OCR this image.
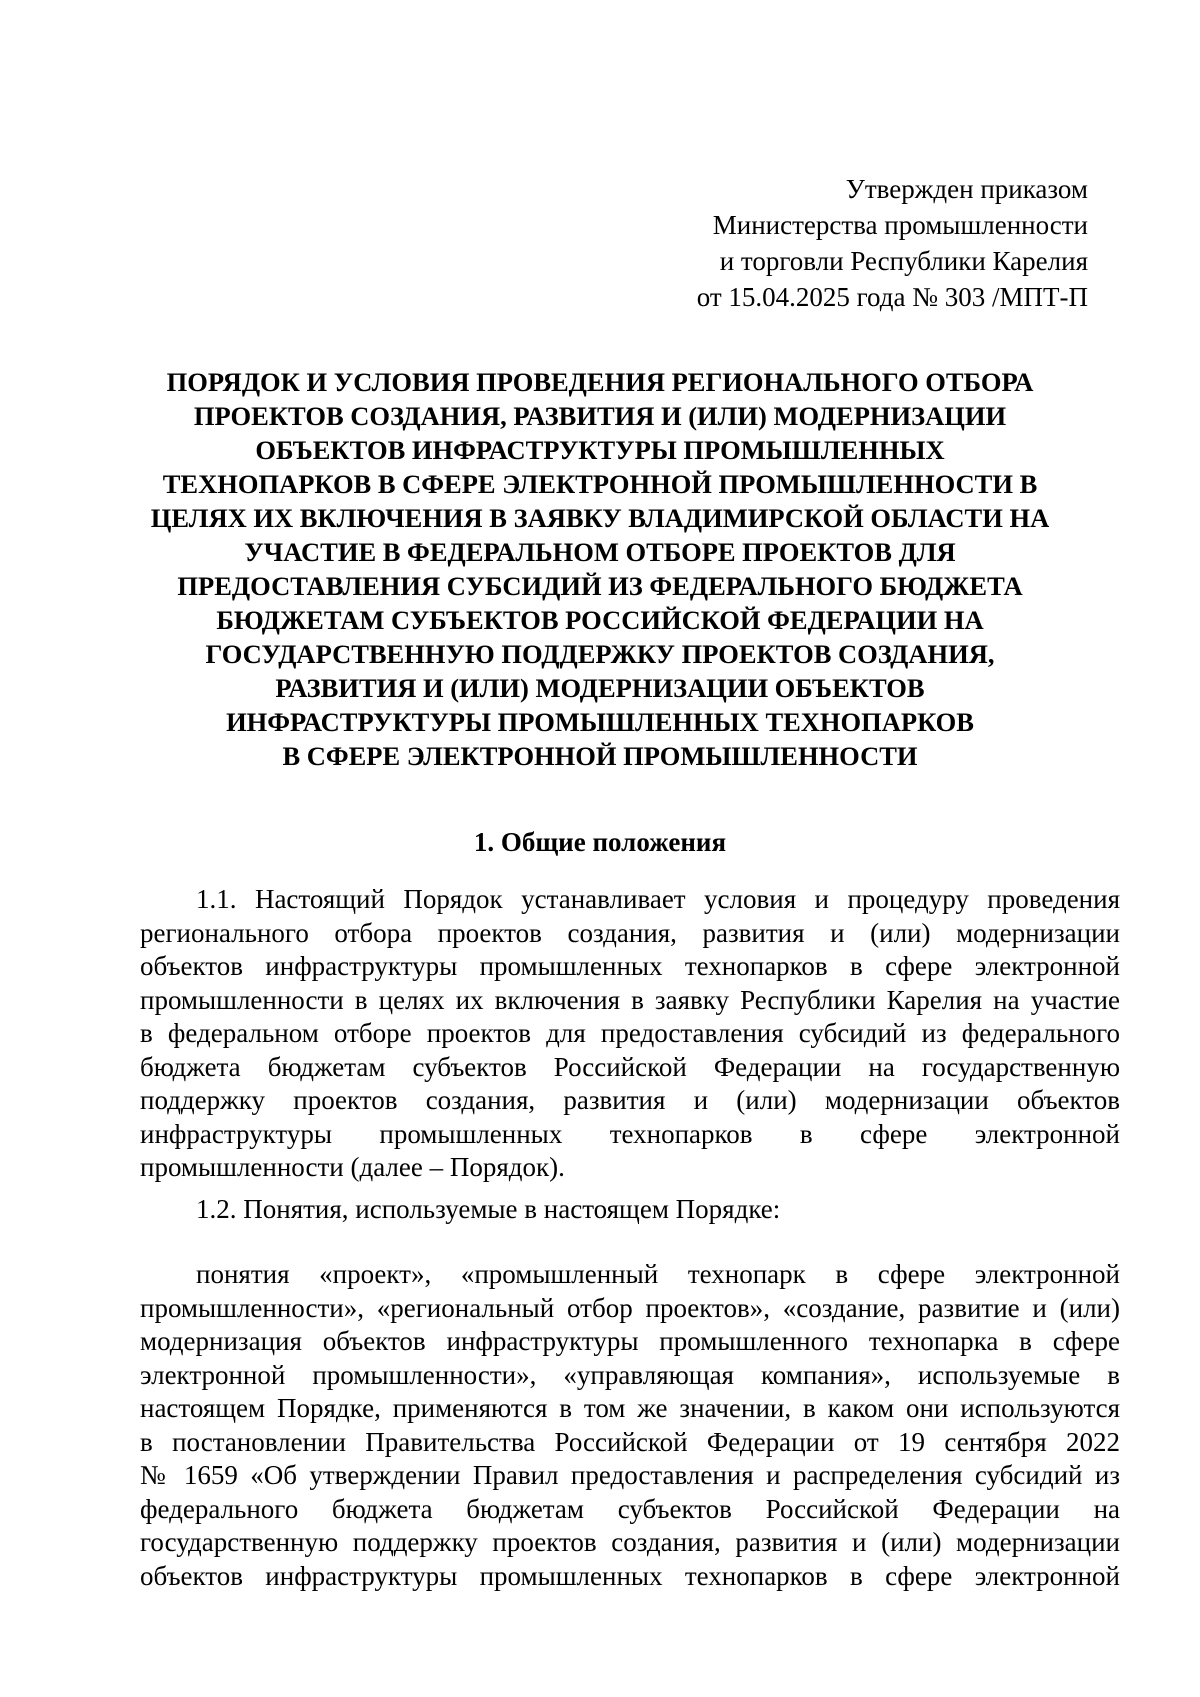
Утвержден приказом
Министерства промышленности
и торговли Республики Карелия
от 15.04.2025 года № 303 /МПТ-П
ПОРЯДОК И УСЛОВИЯ ПРОВЕДЕНИЯ РЕГИОНАЛЬНОГО ОТБОРА
ПРОЕКТОВ СОЗДАНИЯ, РАЗВИТИЯ И (ИЛИ) МОДЕРНИЗАЦИИ
ОБЪЕКТОВ ИНФРАСТРУКТУРЫ ПРОМЫШЛЕННЫХ
ТЕХНОПАРКОВ В СФЕРЕ ЭЛЕКТРОННОЙ ПРОМЫШЛЕННОСТИ В
ЦЕЛЯХ ИХ ВКЛЮЧЕНИЯ В ЗАЯВКУ ВЛАДИМИРСКОЙ ОБЛАСТИ НА
УЧАСТИЕ В ФЕДЕРАЛЬНОМ ОТБОРЕ ПРОЕКТОВ ДЛЯ
ПРЕДОСТАВЛЕНИЯ СУБСИДИЙ ИЗ ФЕДЕРАЛЬНОГО БЮДЖЕТА
БЮДЖЕТАМ СУБЪЕКТОВ РОССИЙСКОЙ ФЕДЕРАЦИИ НА
ГОСУДАРСТВЕННУЮ ПОДДЕРЖКУ ПРОЕКТОВ СОЗДАНИЯ,
РАЗВИТИЯ И (ИЛИ) МОДЕРНИЗАЦИИ ОБЪЕКТОВ
ИНФРАСТРУКТУРЫ ПРОМЫШЛЕННЫХ ТЕХНОПАРКОВ
В СФЕРЕ ЭЛЕКТРОННОЙ ПРОМЫШЛЕННОСТИ
1. Общие положения
1.1. Настоящий Порядок устанавливает условия и процедуру проведения
регионального отбора проектов создания, развития и (или) модернизации
объектов инфраструктуры промышленных технопарков в сфере электронной
промышленности в целях их включения в заявку Республики Карелия на участие
в федеральном отборе проектов для предоставления субсидий из федерального
бюджета бюджетам субъектов Российской Федерации на государственную
поддержку проектов создания, развития и (или) модернизации объектов
инфраструктуры промышленных технопарков в сфере электронной
промышленности (далее – Порядок).
1.2. Понятия, используемые в настоящем Порядке:
понятия «проект», «промышленный технопарк в сфере электронной
промышленности», «региональный отбор проектов», «создание, развитие и (или)
модернизация объектов инфраструктуры промышленного технопарка в сфере
электронной промышленности», «управляющая компания», используемые в
настоящем Порядке, применяются в том же значении, в каком они используются
в постановлении Правительства Российской Федерации от 19 сентября 2022
№ 1659 «Об утверждении Правил предоставления и распределения субсидий из
федерального бюджета бюджетам субъектов Российской Федерации на
государственную поддержку проектов создания, развития и (или) модернизации
объектов инфраструктуры промышленных технопарков в сфере электронной
